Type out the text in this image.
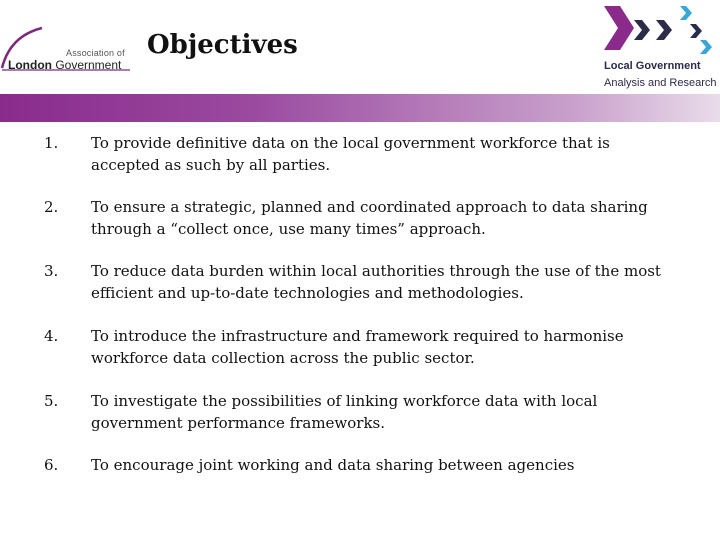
Association of
London Government
Objectives
Local Government
Analysis and Research
1. To provide definitive data on the local government workforce that is accepted as such by all parties.
2. To ensure a strategic, planned and coordinated approach to data sharing through a “collect once, use many times” approach.
3. To reduce data burden within local authorities through the use of the most efficient and up-to-date technologies and methodologies.
4. To introduce the infrastructure and framework required to harmonise workforce data collection across the public sector.
5. To investigate the possibilities of linking workforce data with local government performance frameworks.
6. To encourage joint working and data sharing between agencies
